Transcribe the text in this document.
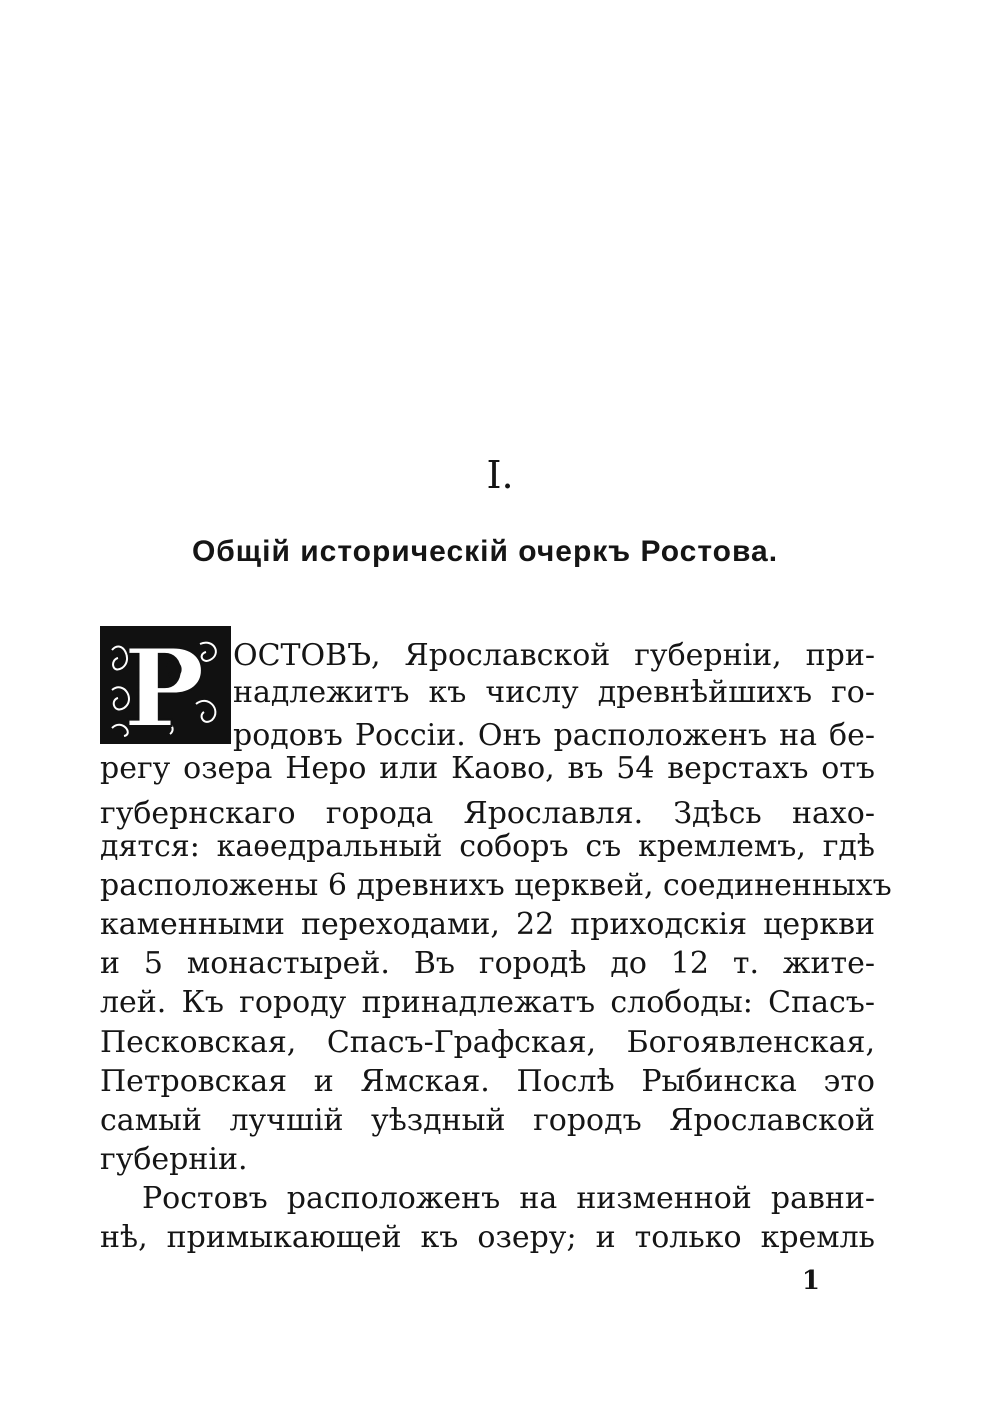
I.
Общій историческій очеркъ Ростова.
Р ОСТОВЪ, Ярославской губерніи, при-
надлежитъ къ числу древнѣйшихъ го-
родовъ Россіи. Онъ расположенъ на бе-
регу озера Неро или Каово, въ 54 верстахъ отъ
губернскаго города Ярославля. Здѣсь нахо-
дятся: каѳедральный соборъ съ кремлемъ, гдѣ
расположены 6 древнихъ церквей, соединенныхъ
каменными переходами, 22 приходскія церкви
и 5 монастырей. Въ городѣ до 12 т. жите-
лей. Къ городу принадлежатъ слободы: Спасъ-
Песковская, Спасъ-Графская, Богоявленская,
Петровская и Ямская. Послѣ Рыбинска это
самый лучшій уѣздный городъ Ярославской
губерніи.
Ростовъ расположенъ на низменной равни-
нѣ, примыкающей къ озеру; и только кремль
1
